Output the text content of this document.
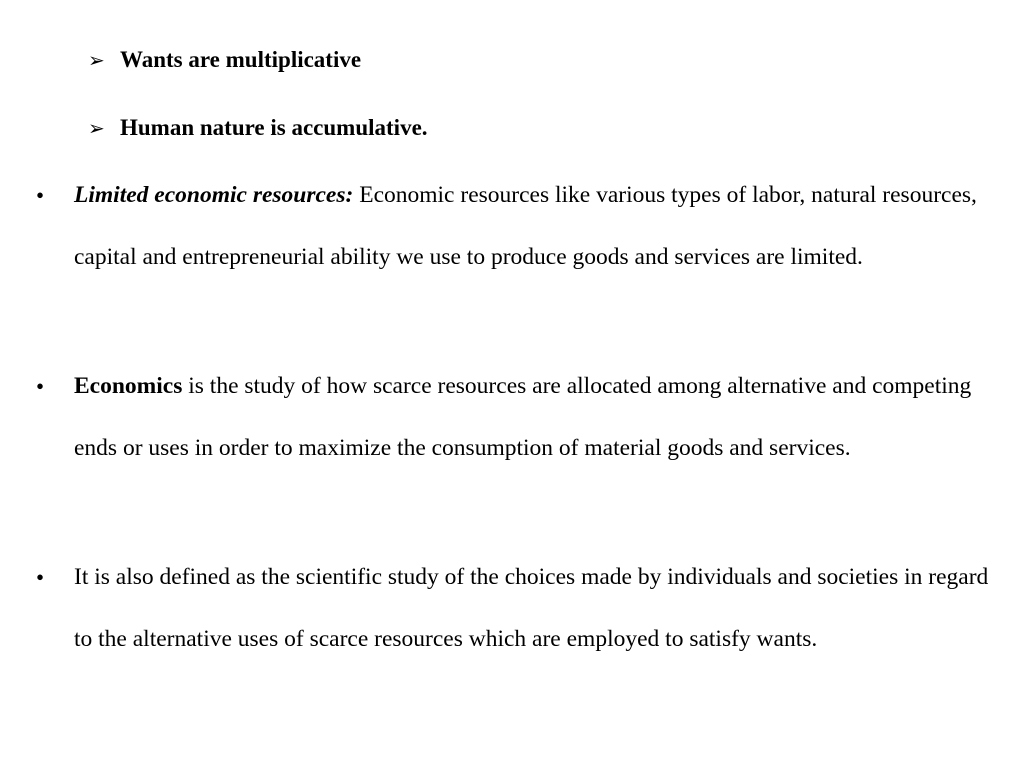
➢ Wants are multiplicative
➢ Human nature is accumulative.
• Limited economic resources: Economic resources like various types of labor, natural resources, capital and entrepreneurial ability we use to produce goods and services are limited.
• Economics is the study of how scarce resources are allocated among alternative and competing ends or uses in order to maximize the consumption of material goods and services.
• It is also defined as the scientific study of the choices made by individuals and societies in regard to the alternative uses of scarce resources which are employed to satisfy wants.
